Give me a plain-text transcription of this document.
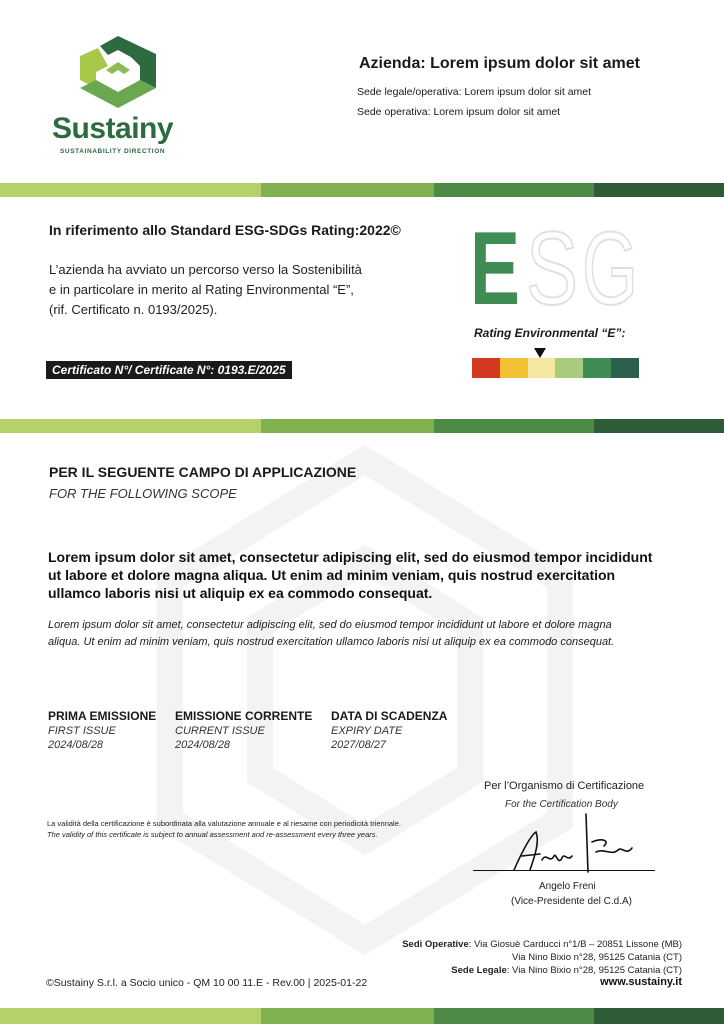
Sustainy
SUSTAINABILITY DIRECTION
Azienda: Lorem ipsum dolor sit amet
Sede legale/operativa: Lorem ipsum dolor sit amet
Sede operativa: Lorem ipsum dolor sit amet
In riferimento allo Standard ESG-SDGs Rating:2022©
L’azienda ha avviato un percorso verso la Sostenibilità
e in particolare in merito al Rating Environmental “E”,
(rif. Certificato n. 0193/2025).
Certificato N°/ Certificate N°: 0193.E/2025
E S G
Rating Environmental “E”:
PER IL SEGUENTE CAMPO DI APPLICAZIONE
FOR THE FOLLOWING SCOPE
Lorem ipsum dolor sit amet, consectetur adipiscing elit, sed do eiusmod tempor incididunt
ut labore et dolore magna aliqua. Ut enim ad minim veniam, quis nostrud exercitation
ullamco laboris nisi ut aliquip ex ea commodo consequat.
Lorem ipsum dolor sit amet, consectetur adipiscing elit, sed do eiusmod tempor incididunt ut labore et dolore magna
aliqua. Ut enim ad minim veniam, quis nostrud exercitation ullamco laboris nisi ut aliquip ex ea commodo consequat.
PRIMA EMISSIONE
FIRST ISSUE
2024/08/28
EMISSIONE CORRENTE
CURRENT ISSUE
2024/08/28
DATA DI SCADENZA
EXPIRY DATE
2027/08/27
La validità della certificazione è subordinata alla valutazione annuale e al riesame con periodicità triennale.
The validity of this certificate is subject to annual assessment and re-assessment every three years.
Per l’Organismo di Certificazione
For the Certification Body
Angelo Freni
(Vice-Presidente del C.d.A)
Sedi Operative: Via Giosuè Carducci n°1/B – 20851 Lissone (MB)
Via Nino Bixio n°28, 95125 Catania (CT)
Sede Legale: Via Nino Bixio n°28, 95125 Catania (CT)
©Sustainy S.r.l. a Socio unico - QM 10 00 11.E - Rev.00 | 2025-01-22	www.sustainy.it
